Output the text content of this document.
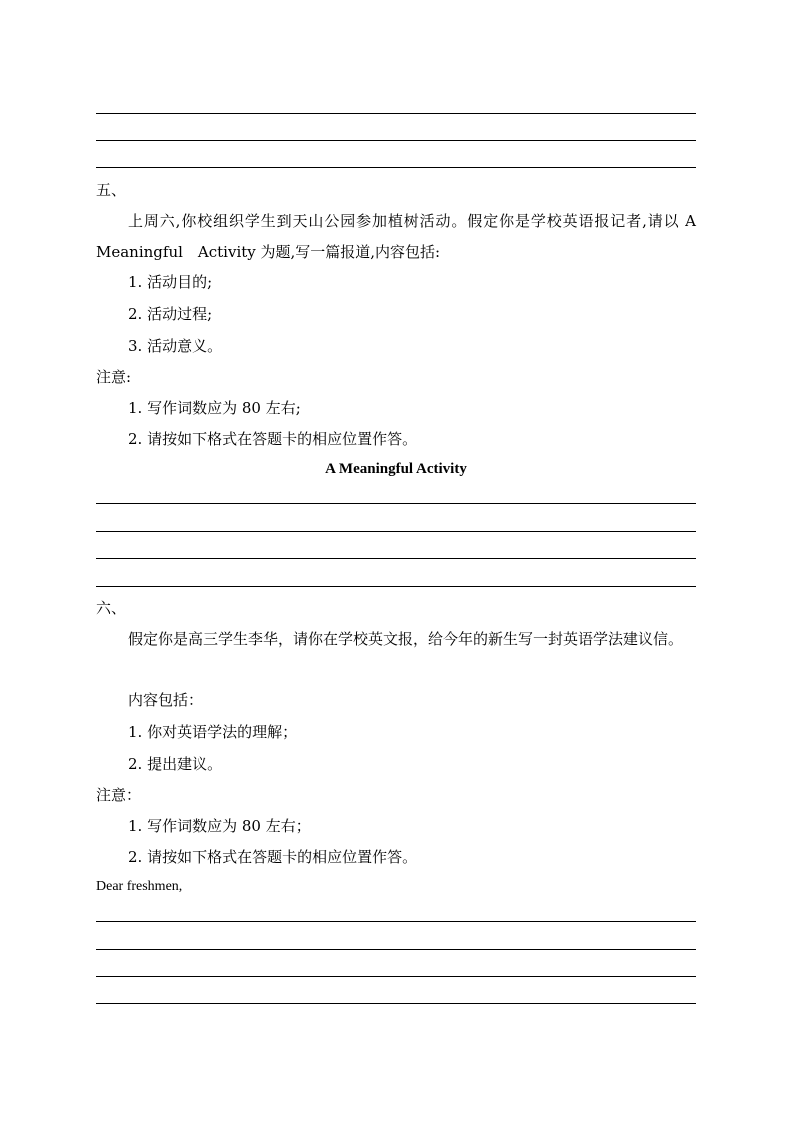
五、
上周六,你校组织学生到天山公园参加植树活动。假定你是学校英语报记者,请以 A Meaningful　Activity 为题,写一篇报道,内容包括:
1. 活动目的;
2. 活动过程;
3. 活动意义。
注意:
1. 写作词数应为 80 左右;
2. 请按如下格式在答题卡的相应位置作答。
A Meaningful Activity
六、
假定你是高三学生李华，请你在学校英文报，给今年的新生写一封英语学法建议信。
内容包括：
1. 你对英语学法的理解；
2. 提出建议。
注意：
1. 写作词数应为 80 左右；
2. 请按如下格式在答题卡的相应位置作答。
Dear freshmen,
